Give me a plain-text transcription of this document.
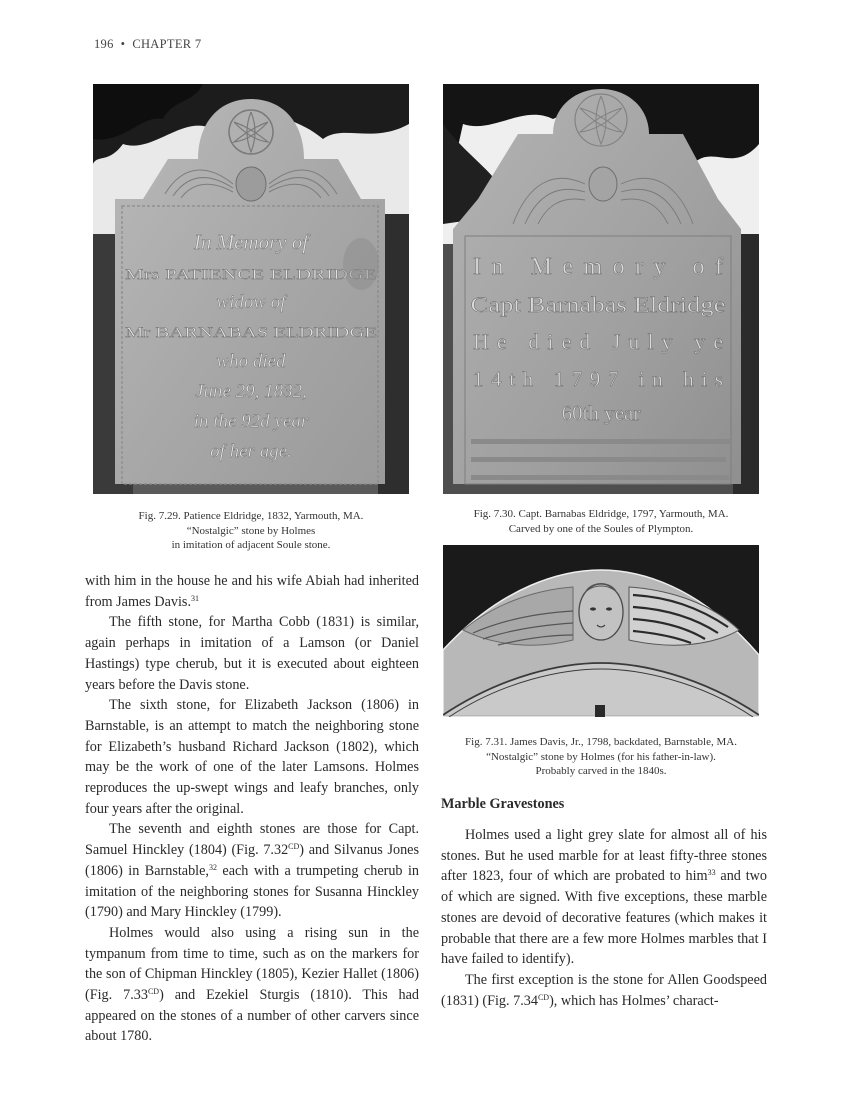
196 • CHAPTER 7
In Memory of
Mrs PATIENCE ELDRIDGE
widow of
Mr BARNABAS ELDRIDGE
who died
June 29, 1832,
in the 92d year
of her age.
Fig. 7.29. Patience Eldridge, 1832, Yarmouth, MA.
“Nostalgic” stone by Holmes
in imitation of adjacent Soule stone.
In Memory of
Capt Barnabas Eldridge
He died July ye
14th 1797 in his
60th year
Fig. 7.30. Capt. Barnabas Eldridge, 1797, Yarmouth, MA.
Carved by one of the Soules of Plympton.
Fig. 7.31. James Davis, Jr., 1798, backdated, Barnstable, MA.
“Nostalgic” stone by Holmes (for his father-in-law).
Probably carved in the 1840s.

with him in the house he and his wife Abiah had inherited from James Davis.$^{31}$

The fifth stone, for Martha Cobb (1831) is similar, again perhaps in imitation of a Lamson (or Daniel Hastings) type cherub, but it is executed about eighteen years before the Davis stone.

The sixth stone, for Elizabeth Jackson (1806) in Barnstable, is an attempt to match the neighboring stone for Elizabeth’s husband Richard Jackson (1802), which may be the work of one of the later Lamsons. Holmes reproduces the up-swept wings and leafy branches, only four years after the original.

The seventh and eighth stones are those for Capt. Samuel Hinckley (1804) (Fig. $7.32^{CD}$) and Silvanus Jones (1806) in Barnstable,$^{32}$ each with a trumpeting cherub in imitation of the neighboring stones for Susanna Hinckley (1790) and Mary Hinckley (1799).

Holmes would also using a rising sun in the tympanum from time to time, such as on the markers for the son of Chipman Hinckley (1805), Kezier Hallet (1806) (Fig. $7.33^{CD}$) and Ezekiel Sturgis (1810). This had appeared on the stones of a number of other carvers since about 1780.

Marble Gravestones

Holmes used a light grey slate for almost all of his stones. But he used marble for at least fifty-three stones after 1823, four of which are probated to him$^{33}$ and two of which are signed. With five exceptions, these marble stones are devoid of decorative features (which makes it probable that there are a few more Holmes marbles that I have failed to identify).

The first exception is the stone for Allen Goodspeed (1831) (Fig. $7.34^{CD}$), which has Holmes’ charact-
